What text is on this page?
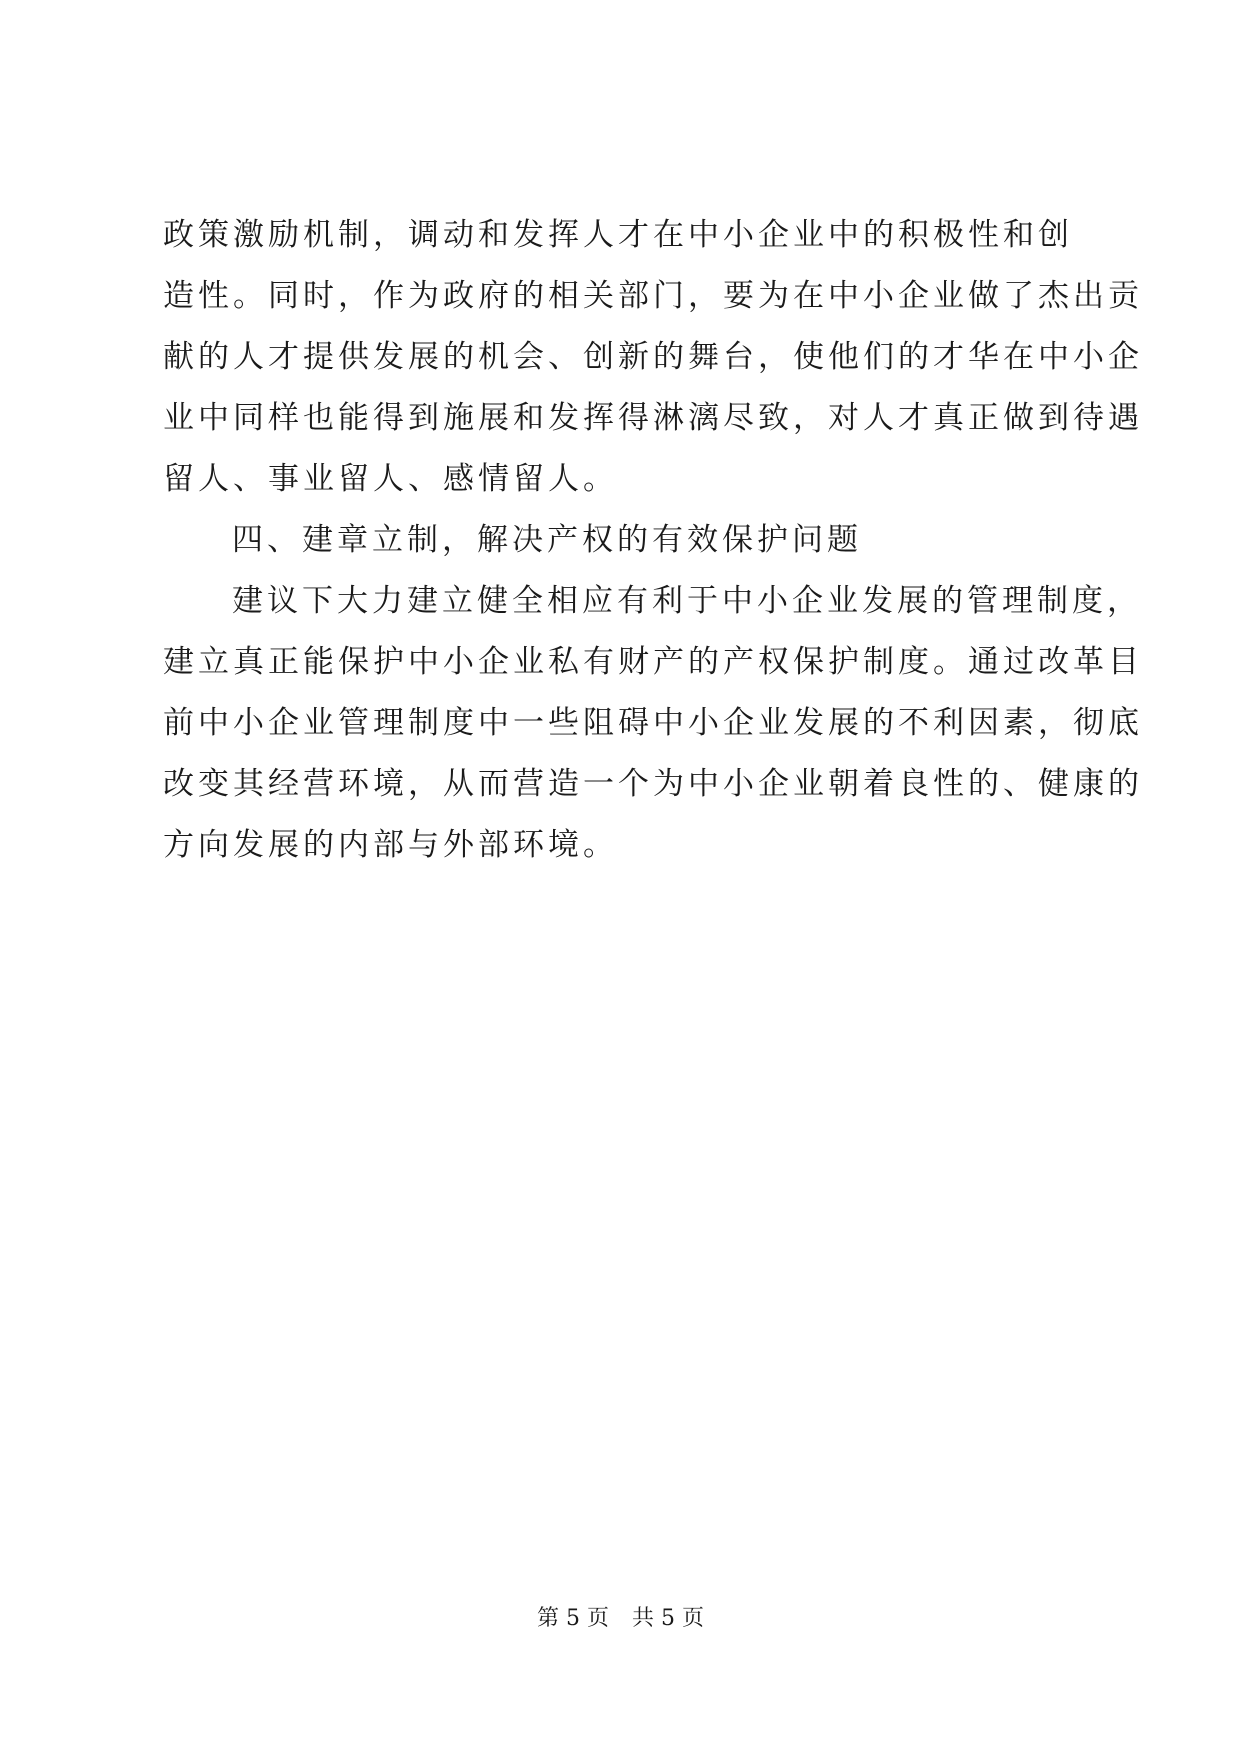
政策激励机制，调动和发挥人才在中小企业中的积极性和创
造性。同时，作为政府的相关部门，要为在中小企业做了杰出贡
献的人才提供发展的机会、创新的舞台，使他们的才华在中小企
业中同样也能得到施展和发挥得淋漓尽致，对人才真正做到待遇
留人、事业留人、感情留人。
四、建章立制，解决产权的有效保护问题
建议下大力建立健全相应有利于中小企业发展的管理制度，
建立真正能保护中小企业私有财产的产权保护制度。通过改革目
前中小企业管理制度中一些阻碍中小企业发展的不利因素，彻底
改变其经营环境，从而营造一个为中小企业朝着良性的、健康的
方向发展的内部与外部环境。
第 5 页 共 5 页
